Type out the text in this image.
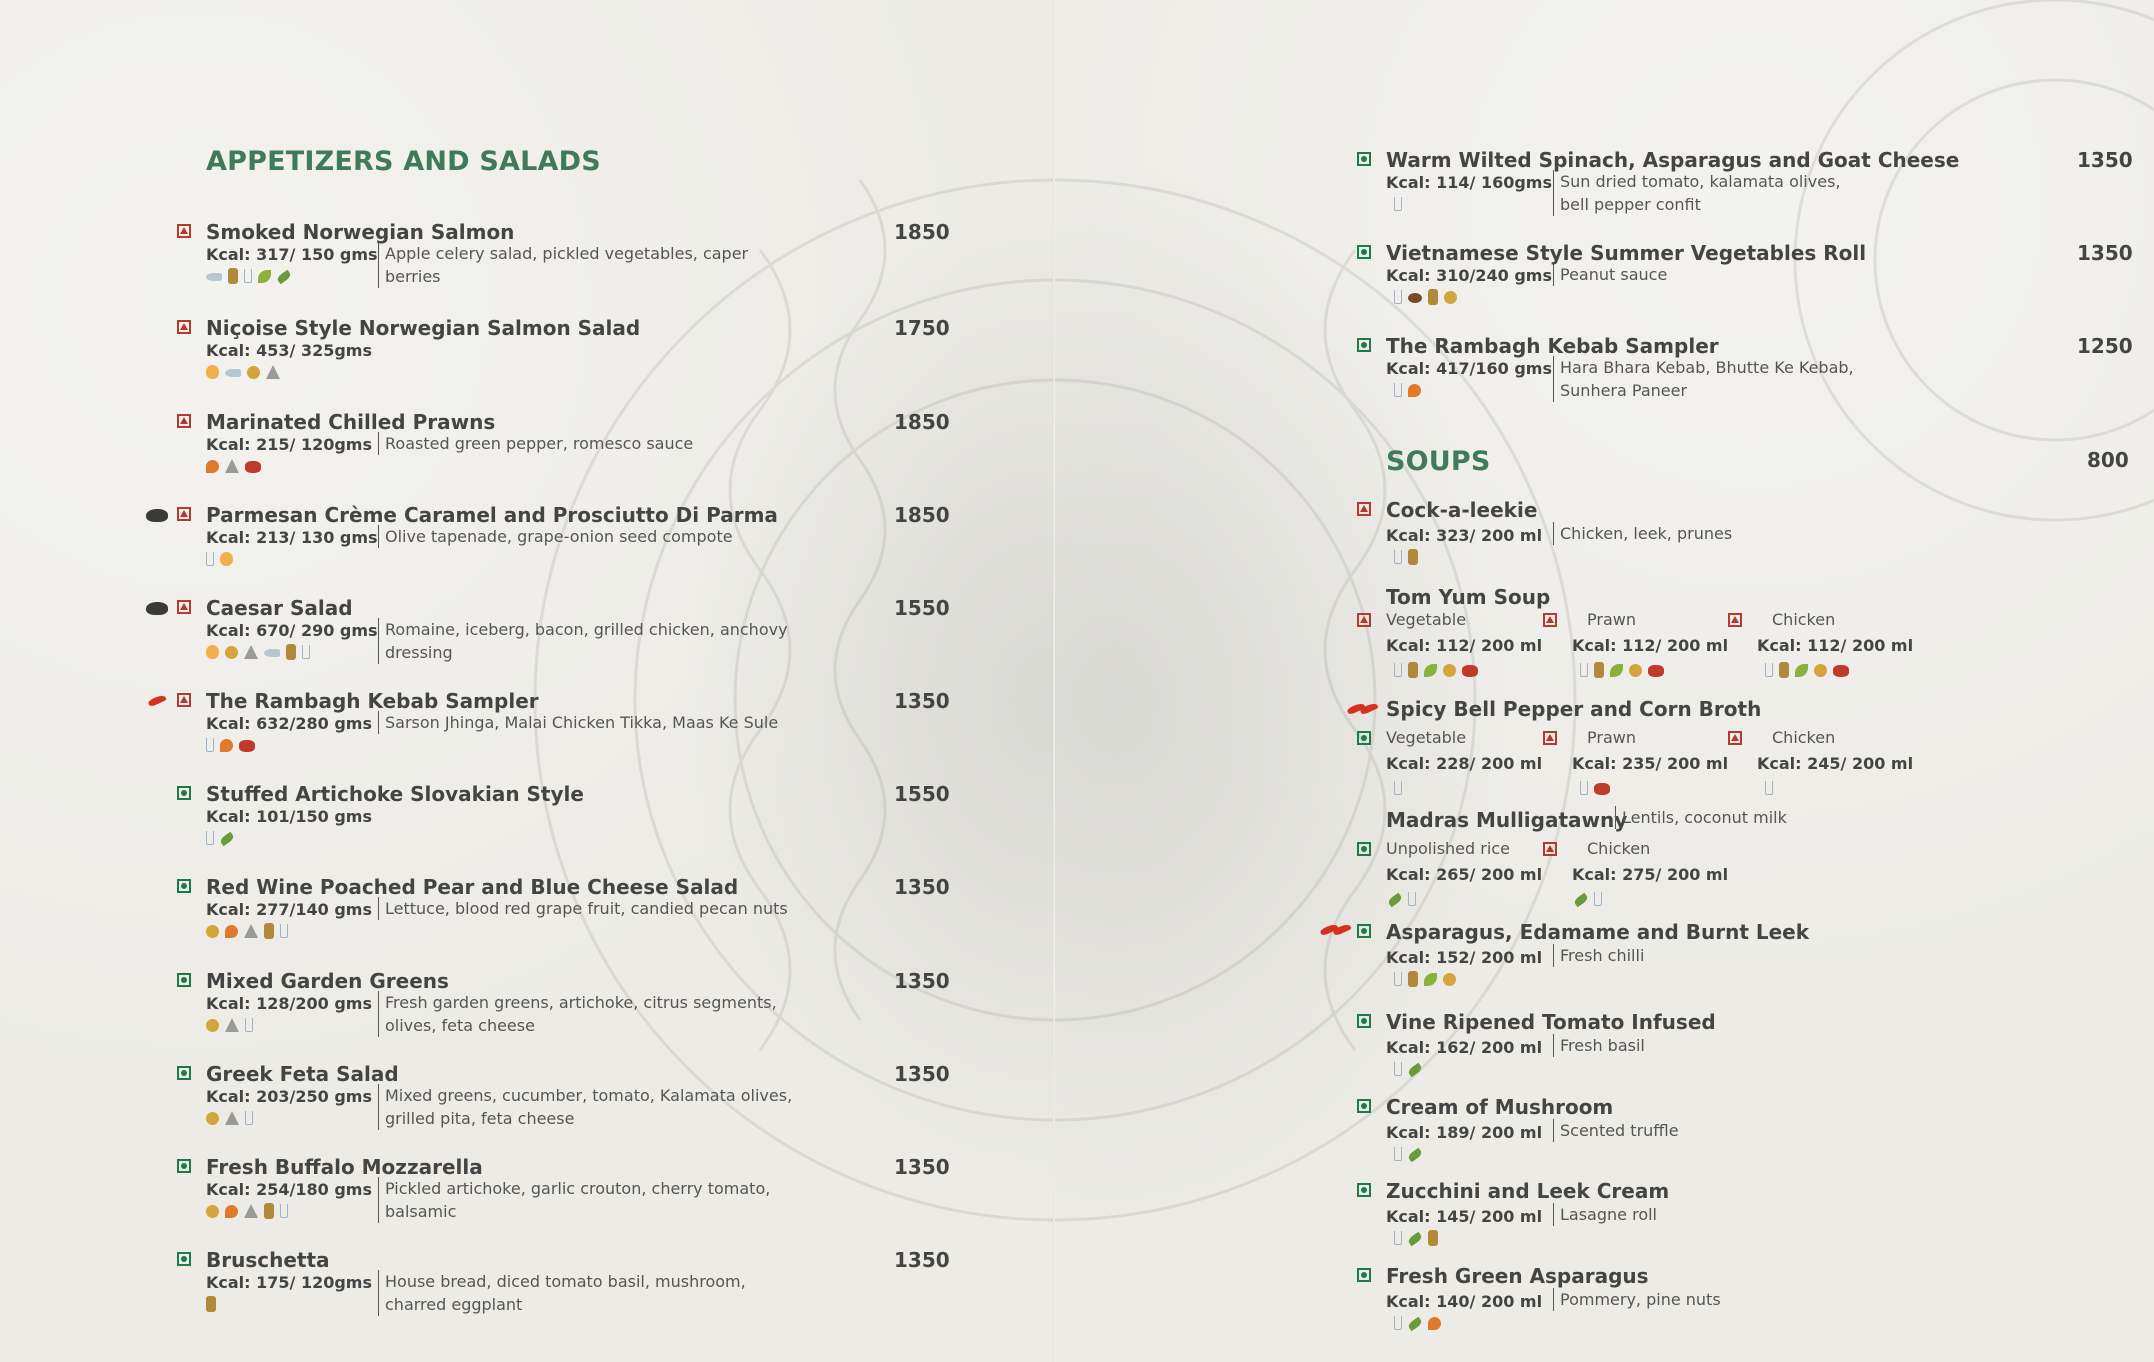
APPETIZERS AND SALADS
SOUPS	800
Smoked Norwegian Salmon	1850
Kcal: 317/ 150 gms Apple celery salad, pickled vegetables, caper berries
Niçoise Style Norwegian Salmon Salad	1750
Kcal: 453/ 325gms
Marinated Chilled Prawns	1850
Kcal: 215/ 120gms Roasted green pepper, romesco sauce
Parmesan Crème Caramel and Prosciutto Di Parma	1850
Kcal: 213/ 130 gms Olive tapenade, grape-onion seed compote
Caesar Salad	1550
Kcal: 670/ 290 gms Romaine, iceberg, bacon, grilled chicken, anchovy dressing
The Rambagh Kebab Sampler	1350
Kcal: 632/280 gms Sarson Jhinga, Malai Chicken Tikka, Maas Ke Sule
Stuffed Artichoke Slovakian Style	1550
Kcal: 101/150 gms
Red Wine Poached Pear and Blue Cheese Salad	1350
Kcal: 277/140 gms Lettuce, blood red grape fruit, candied pecan nuts
Mixed Garden Greens	1350
Kcal: 128/200 gms Fresh garden greens, artichoke, citrus segments, olives, feta cheese
Greek Feta Salad	1350
Kcal: 203/250 gms Mixed greens, cucumber, tomato, Kalamata olives, grilled pita, feta cheese
Fresh Buffalo Mozzarella	1350
Kcal: 254/180 gms Pickled artichoke, garlic crouton, cherry tomato, balsamic
Bruschetta	1350
Kcal: 175/ 120gms House bread, diced tomato basil, mushroom, charred eggplant
Warm Wilted Spinach, Asparagus and Goat Cheese	1350
Kcal: 114/ 160gms Sun dried tomato, kalamata olives, bell pepper confit
Vietnamese Style Summer Vegetables Roll	1350
Kcal: 310/240 gms Peanut sauce
The Rambagh Kebab Sampler	1250
Kcal: 417/160 gms Hara Bhara Kebab, Bhutte Ke Kebab, Sunhera Paneer
Cock-a-leekie
Kcal: 323/ 200 ml	Chicken, leek, prunes
Tom Yum Soup
Vegetable
Kcal: 112/ 200 ml
Prawn
Kcal: 112/ 200 ml
Chicken
Kcal: 112/ 200 ml
Spicy Bell Pepper and Corn Broth
Vegetable
Kcal: 228/ 200 ml
Prawn
Kcal: 235/ 200 ml
Chicken
Kcal: 245/ 200 ml
Madras Mulligatawny
Lentils, coconut milk
Unpolished rice
Kcal: 265/ 200 ml
Chicken
Kcal: 275/ 200 ml
Asparagus, Edamame and Burnt Leek
Kcal: 152/ 200 ml	Fresh chilli
Vine Ripened Tomato Infused
Kcal: 162/ 200 ml	Fresh basil
Cream of Mushroom
Kcal: 189/ 200 ml	Scented truffle
Zucchini and Leek Cream
Kcal: 145/ 200 ml	Lasagne roll
Fresh Green Asparagus
Kcal: 140/ 200 ml	Pommery, pine nuts
